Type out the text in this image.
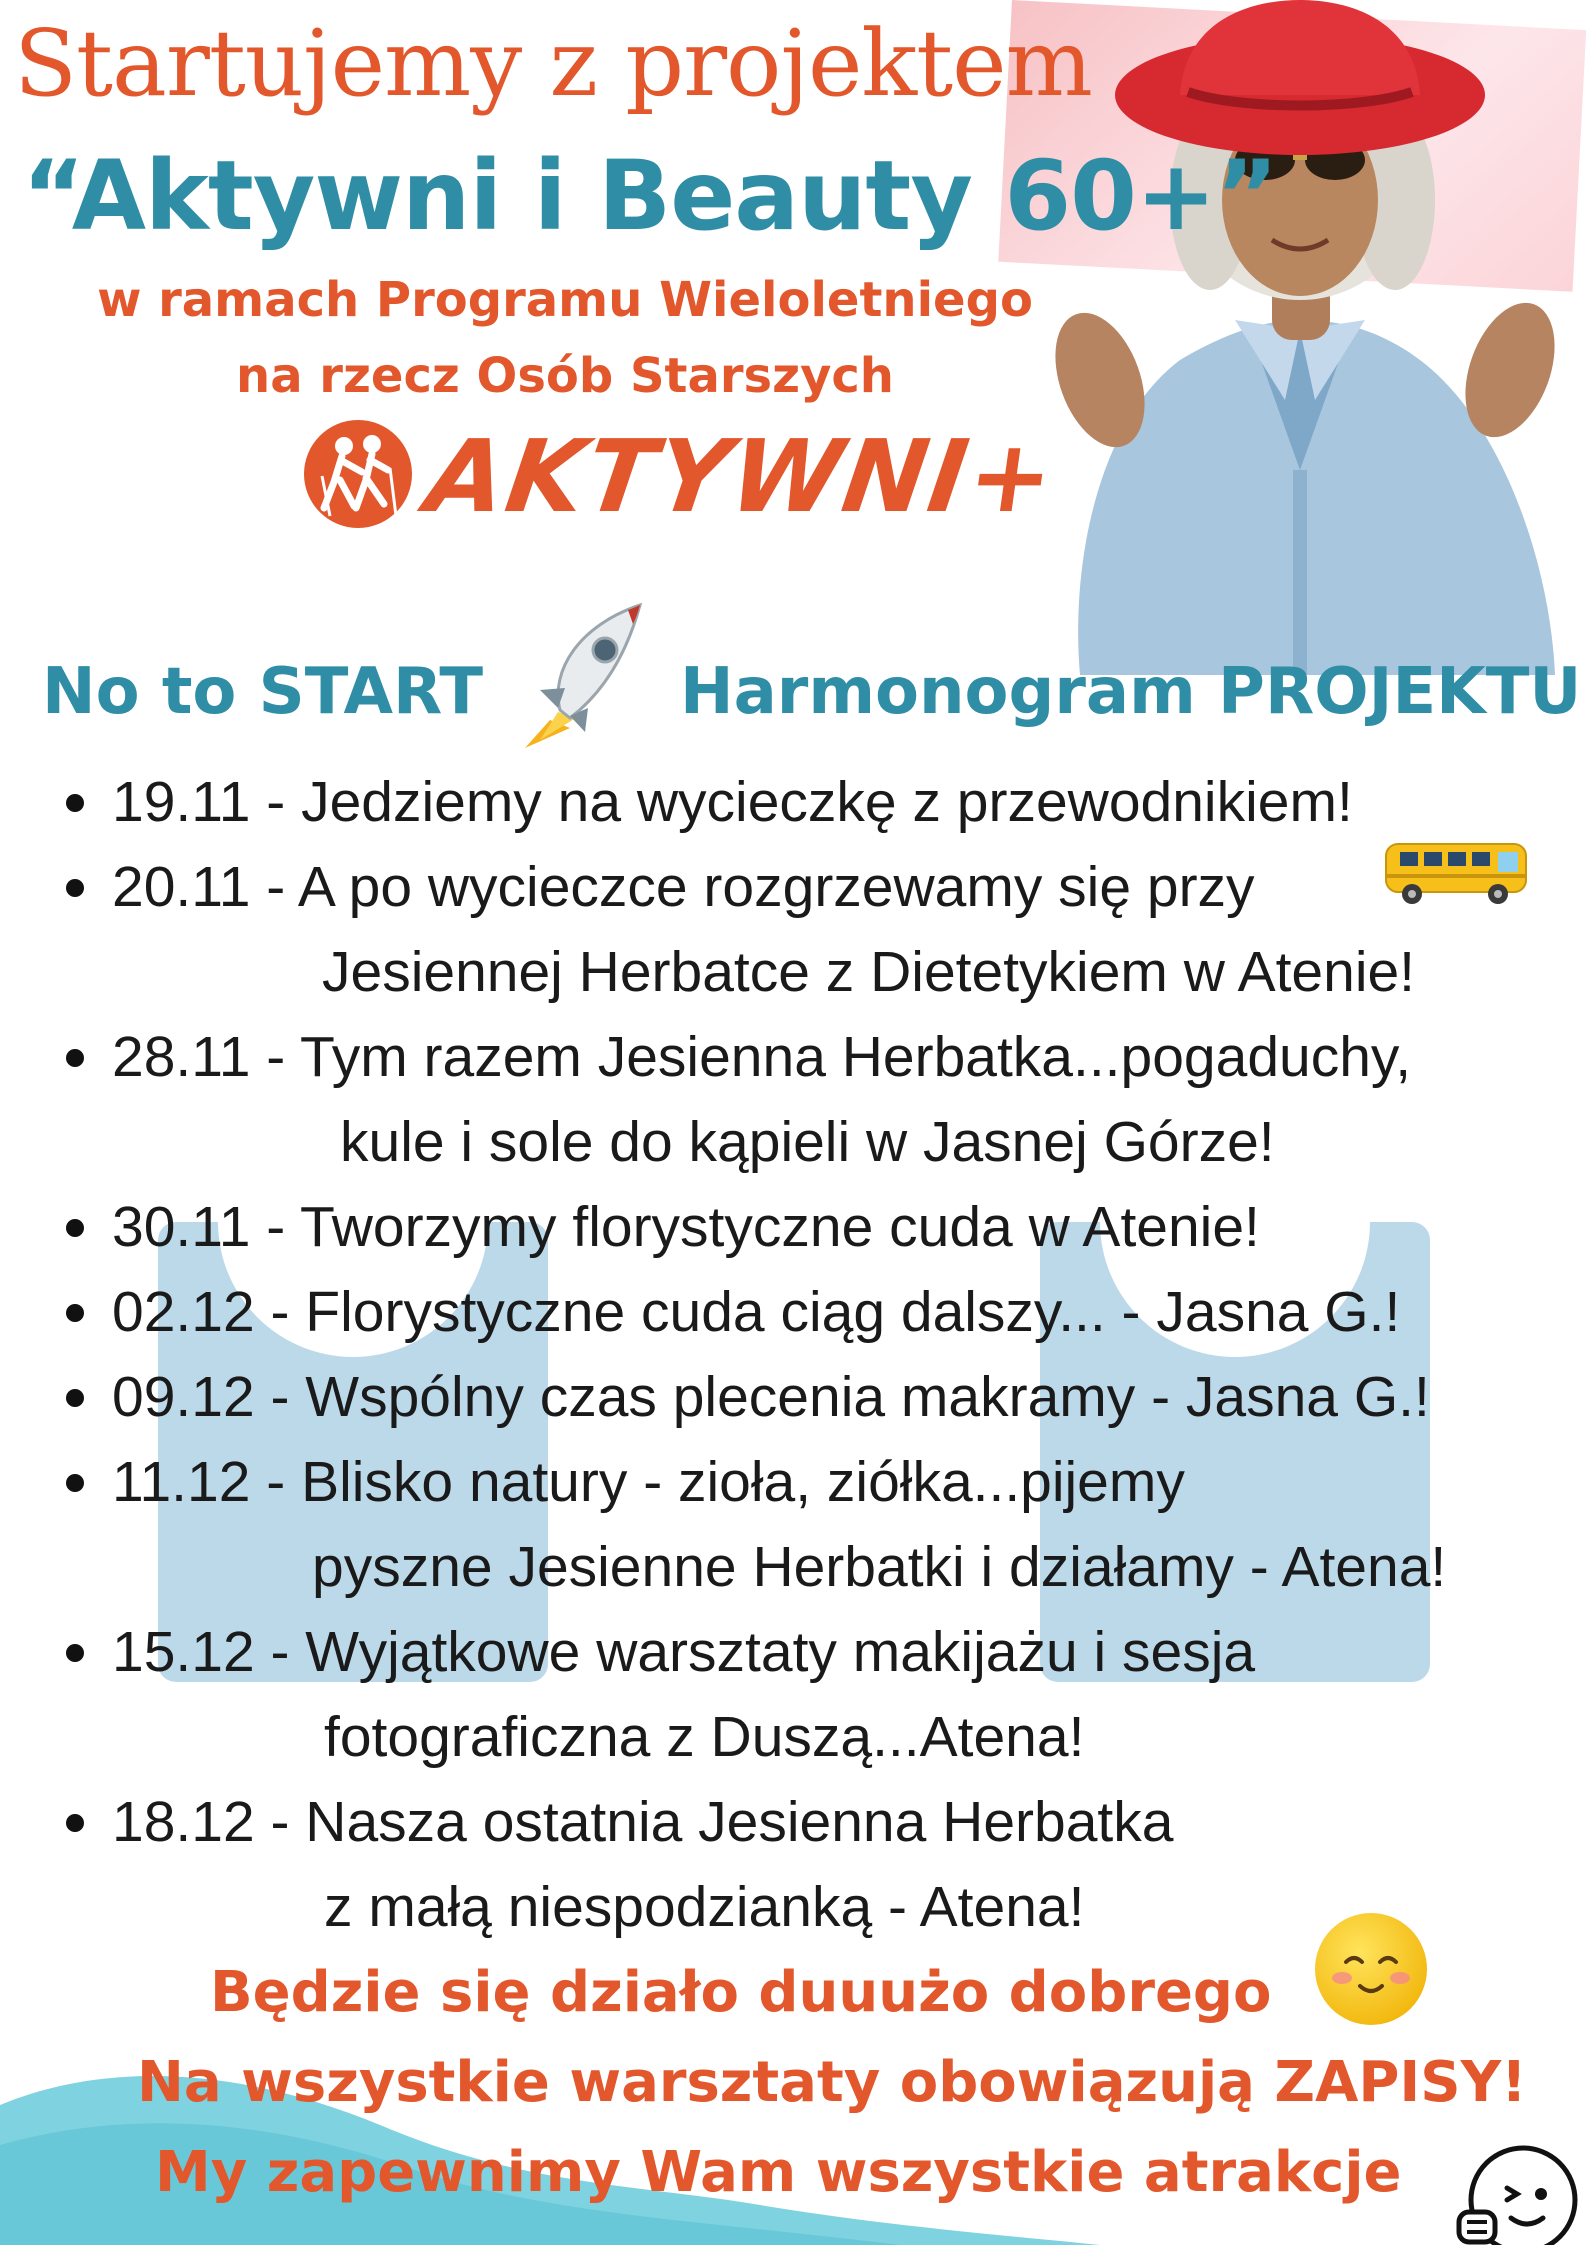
Startujemy z projektem
“Aktywni i Beauty 60+”
w ramach Programu Wieloletniego
na rzecz Osób Starszych
AKTYWNI+
No to START	Harmonogram PROJEKTU
19.11 - Jedziemy na wycieczkę z przewodnikiem!
20.11 - A po wycieczce rozgrzewamy się przy
Jesiennej Herbatce z Dietetykiem w Atenie!
28.11 - Tym razem Jesienna Herbatka...pogaduchy,
kule i sole do kąpieli w Jasnej Górze!
30.11 - Tworzymy florystyczne cuda w Atenie!
02.12 - Florystyczne cuda ciąg dalszy... - Jasna G.!
09.12 - Wspólny czas plecenia makramy - Jasna G.!
11.12 - Blisko natury - zioła, ziółka...pijemy
pyszne Jesienne Herbatki i działamy - Atena!
15.12 - Wyjątkowe warsztaty makijażu i sesja
fotograficzna z Duszą...Atena!
18.12 - Nasza ostatnia Jesienna Herbatka
z małą niespodzianką - Atena!
Będzie się działo duuużo dobrego
Na wszystkie warsztaty obowiązują ZAPISY!
My zapewnimy Wam wszystkie atrakcje
